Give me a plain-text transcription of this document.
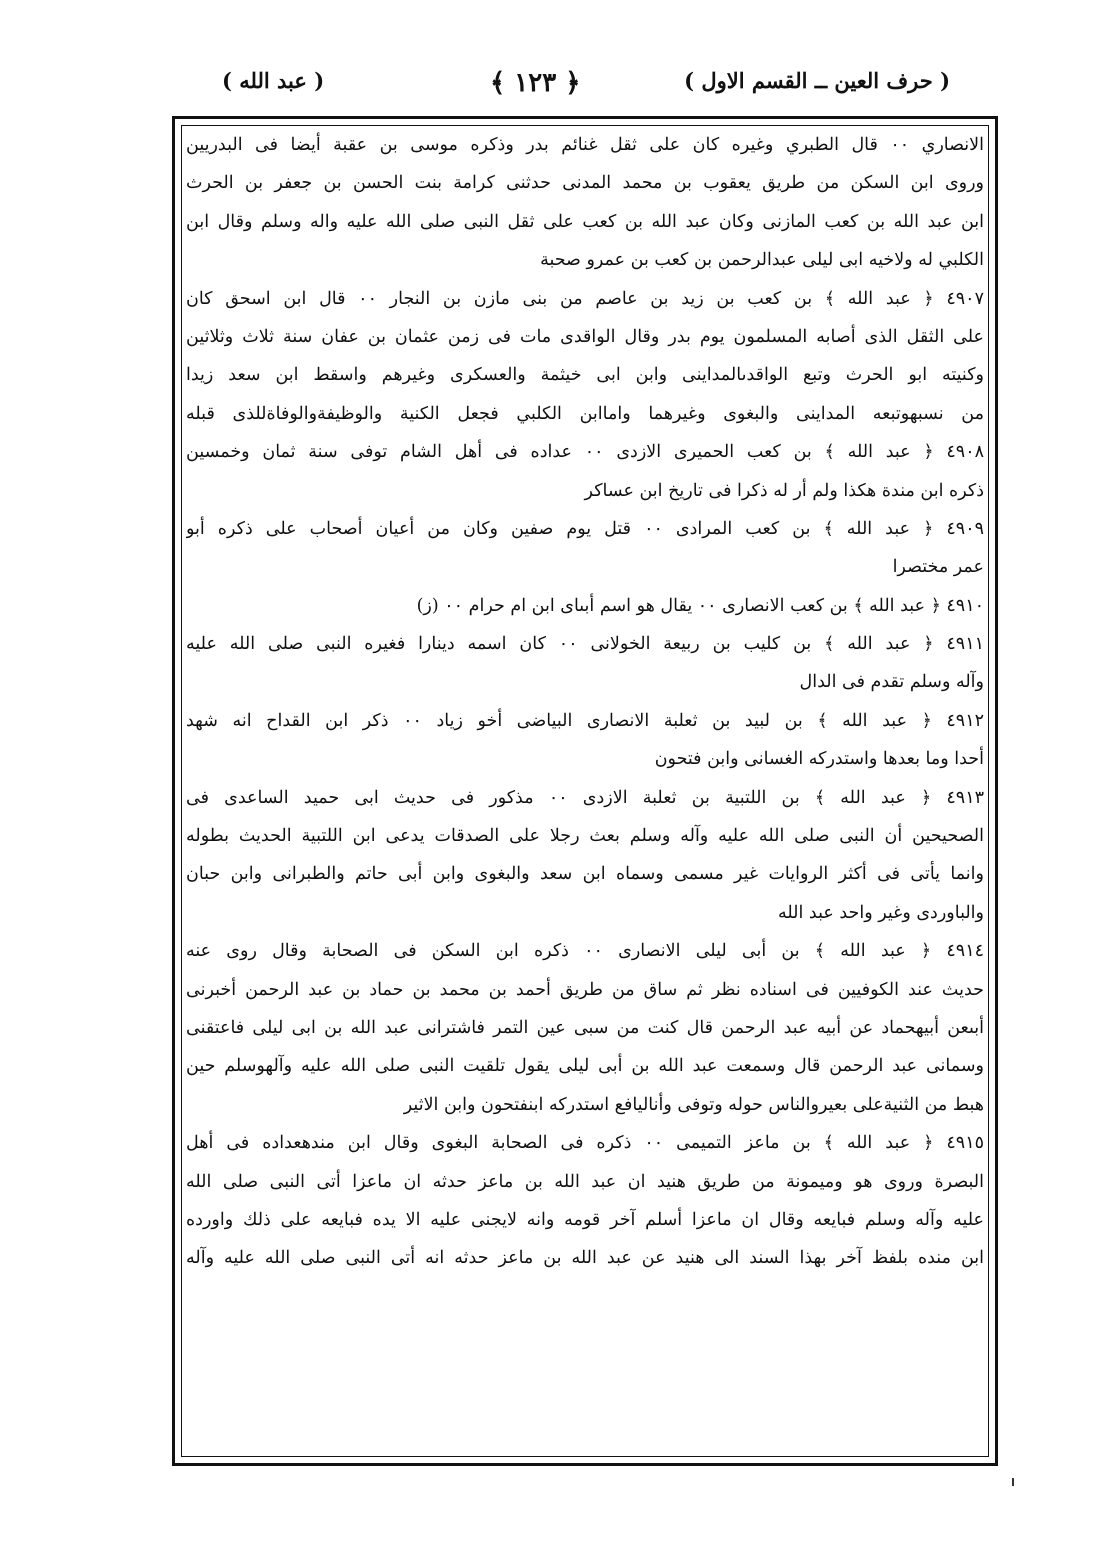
( عبد الله )	﴿ ١٢٣ ﴾	( حرف العين ــ القسم الاول )
الانصاري ٠٠ قال الطبري وغيره كان على ثقل غنائم بدر وذكره موسى بن عقبة أيضا فى البدريين
وروى ابن السكن من طريق يعقوب بن محمد المدنى حدثنى كرامة بنت الحسن بن جعفر بن الحرث
ابن عبد الله بن كعب المازنى وكان عبد الله بن كعب على ثقل النبى صلى الله عليه واله وسلم وقال ابن
الكلبي له ولاخيه ابى ليلى عبدالرحمن بن كعب بن عمرو صحبة
٤٩٠٧ ﴿ عبد الله ﴾ بن كعب بن زيد بن عاصم من بنى مازن بن النجار ٠٠ قال ابن اسحق كان
على الثقل الذى أصابه المسلمون يوم بدر وقال الواقدى مات فى زمن عثمان بن عفان سنة ثلاث وثلاثين
وكنيته ابو الحرث وتبع الواقدىالمداينى وابن ابى خيثمة والعسكرى وغيرهم واسقط ابن سعد زيدا
من نسبهوتبعه المداينى والبغوى وغيرهما واماابن الكلبي فجعل الكنية والوظيفةوالوفاةللذى قبله
٤٩٠٨ ﴿ عبد الله ﴾ بن كعب الحميرى الازدى ٠٠ عداده فى أهل الشام توفى سنة ثمان وخمسين
ذكره ابن مندة هكذا ولم أر له ذكرا فى تاريخ ابن عساكر
٤٩٠٩ ﴿ عبد الله ﴾ بن كعب المرادى ٠٠ قتل يوم صفين وكان من أعيان أصحاب على ذكره أبو
عمر مختصرا
٤٩١٠ ﴿ عبد الله ﴾ بن كعب الانصارى ٠٠ يقال هو اسم أبىاى ابن ام حرام ٠٠ (ز)
٤٩١١ ﴿ عبد الله ﴾ بن كليب بن ربيعة الخولانى ٠٠ كان اسمه دينارا فغيره النبى صلى الله عليه
وآله وسلم تقدم فى الدال
٤٩١٢ ﴿ عبد الله ﴾ بن لبيد بن ثعلبة الانصارى البياضى أخو زياد ٠٠ ذكر ابن القداح انه شهد
أحدا وما بعدها واستدركه الغسانى وابن فتحون
٤٩١٣ ﴿ عبد الله ﴾ بن اللتبية بن ثعلبة الازدى ٠٠ مذكور فى حديث ابى حميد الساعدى فى
الصحيحين أن النبى صلى الله عليه وآله وسلم بعث رجلا على الصدقات يدعى ابن اللتبية الحديث بطوله
وانما يأتى فى أكثر الروايات غير مسمى وسماه ابن سعد والبغوى وابن أبى حاتم والطبرانى وابن حبان
والباوردى وغير واحد عبد الله
٤٩١٤ ﴿ عبد الله ﴾ بن أبى ليلى الانصارى ٠٠ ذكره ابن السكن فى الصحابة وقال روى عنه
حديث عند الكوفيين فى اسناده نظر ثم ساق من طريق أحمد بن محمد بن حماد بن عبد الرحمن أخبرنى
أبىعن أبيهحماد عن أبيه عبد الرحمن قال كنت من سبى عين التمر فاشترانى عبد الله بن ابى ليلى فاعتقنى
وسمانى عبد الرحمن قال وسمعت عبد الله بن أبى ليلى يقول تلقيت النبى صلى الله عليه وآلهوسلم حين
هبط من الثنيةعلى بعيروالناس حوله وتوفى وأناليافع استدركه ابنفتحون وابن الاثير
٤٩١٥ ﴿ عبد الله ﴾ بن ماعز التميمى ٠٠ ذكره فى الصحابة البغوى وقال ابن مندهعداده فى أهل
البصرة وروى هو وميمونة من طريق هنيد ان عبد الله بن ماعز حدثه ان ماعزا أتى النبى صلى الله
عليه وآله وسلم فبايعه وقال ان ماعزا أسلم آخر قومه وانه لايجنى عليه الا يده فبايعه على ذلك واورده
ابن منده بلفظ آخر بهذا السند الى هنيد عن عبد الله بن ماعز حدثه انه أتى النبى صلى الله عليه وآله
